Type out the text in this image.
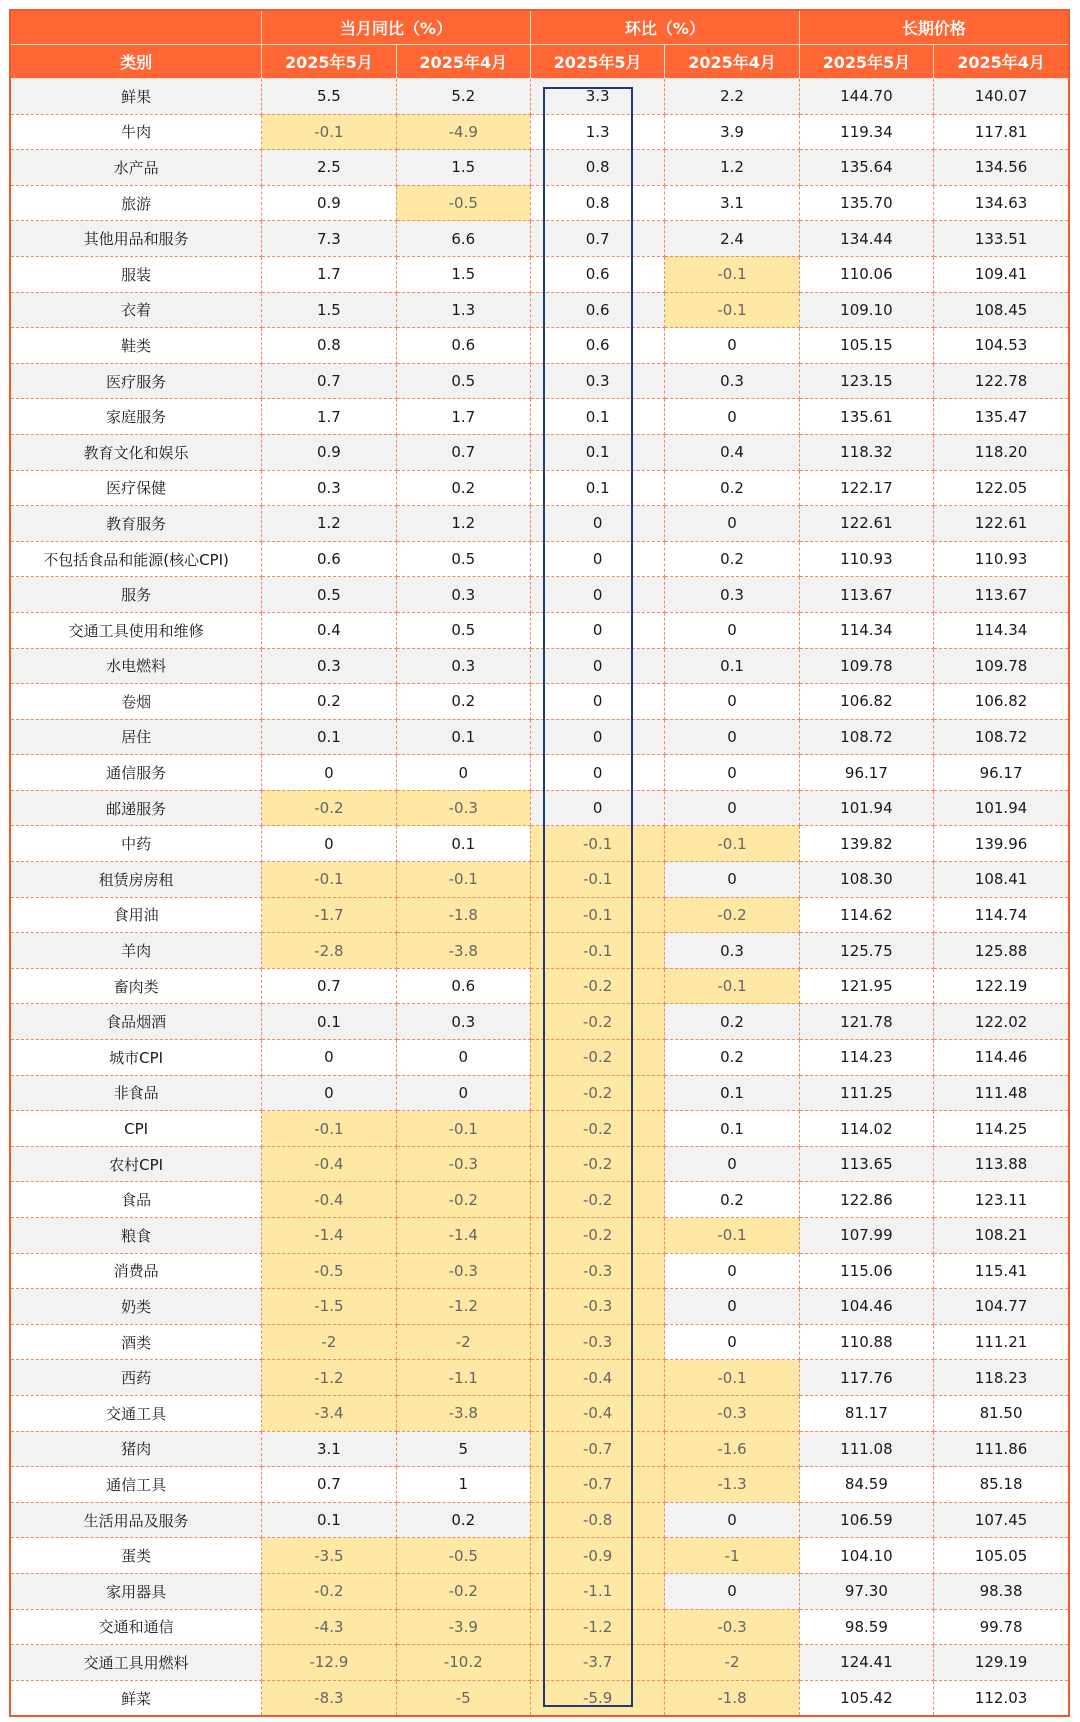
	当月同比（%）		环比（%）		长期价格	
类别	2025年5月	2025年4月	2025年5月	2025年4月	2025年5月	2025年4月
鲜果	5.5	5.2	3.3	2.2	144.70	140.07
牛肉	-0.1	-4.9	1.3	3.9	119.34	117.81
水产品	2.5	1.5	0.8	1.2	135.64	134.56
旅游	0.9	-0.5	0.8	3.1	135.70	134.63
其他用品和服务	7.3	6.6	0.7	2.4	134.44	133.51
服装	1.7	1.5	0.6	-0.1	110.06	109.41
衣着	1.5	1.3	0.6	-0.1	109.10	108.45
鞋类	0.8	0.6	0.6	0	105.15	104.53
医疗服务	0.7	0.5	0.3	0.3	123.15	122.78
家庭服务	1.7	1.7	0.1	0	135.61	135.47
教育文化和娱乐	0.9	0.7	0.1	0.4	118.32	118.20
医疗保健	0.3	0.2	0.1	0.2	122.17	122.05
教育服务	1.2	1.2	0	0	122.61	122.61
不包括食品和能源(核心CPI)	0.6	0.5	0	0.2	110.93	110.93
服务	0.5	0.3	0	0.3	113.67	113.67
交通工具使用和维修	0.4	0.5	0	0	114.34	114.34
水电燃料	0.3	0.3	0	0.1	109.78	109.78
卷烟	0.2	0.2	0	0	106.82	106.82
居住	0.1	0.1	0	0	108.72	108.72
通信服务	0	0	0	0	96.17	96.17
邮递服务	-0.2	-0.3	0	0	101.94	101.94
中药	0	0.1	-0.1	-0.1	139.82	139.96
租赁房房租	-0.1	-0.1	-0.1	0	108.30	108.41
食用油	-1.7	-1.8	-0.1	-0.2	114.62	114.74
羊肉	-2.8	-3.8	-0.1	0.3	125.75	125.88
畜肉类	0.7	0.6	-0.2	-0.1	121.95	122.19
食品烟酒	0.1	0.3	-0.2	0.2	121.78	122.02
城市CPI	0	0	-0.2	0.2	114.23	114.46
非食品	0	0	-0.2	0.1	111.25	111.48
CPI	-0.1	-0.1	-0.2	0.1	114.02	114.25
农村CPI	-0.4	-0.3	-0.2	0	113.65	113.88
食品	-0.4	-0.2	-0.2	0.2	122.86	123.11
粮食	-1.4	-1.4	-0.2	-0.1	107.99	108.21
消费品	-0.5	-0.3	-0.3	0	115.06	115.41
奶类	-1.5	-1.2	-0.3	0	104.46	104.77
酒类	-2	-2	-0.3	0	110.88	111.21
西药	-1.2	-1.1	-0.4	-0.1	117.76	118.23
交通工具	-3.4	-3.8	-0.4	-0.3	81.17	81.50
猪肉	3.1	5	-0.7	-1.6	111.08	111.86
通信工具	0.7	1	-0.7	-1.3	84.59	85.18
生活用品及服务	0.1	0.2	-0.8	0	106.59	107.45
蛋类	-3.5	-0.5	-0.9	-1	104.10	105.05
家用器具	-0.2	-0.2	-1.1	0	97.30	98.38
交通和通信	-4.3	-3.9	-1.2	-0.3	98.59	99.78
交通工具用燃料	-12.9	-10.2	-3.7	-2	124.41	129.19
鲜菜	-8.3	-5	-5.9	-1.8	105.42	112.03
